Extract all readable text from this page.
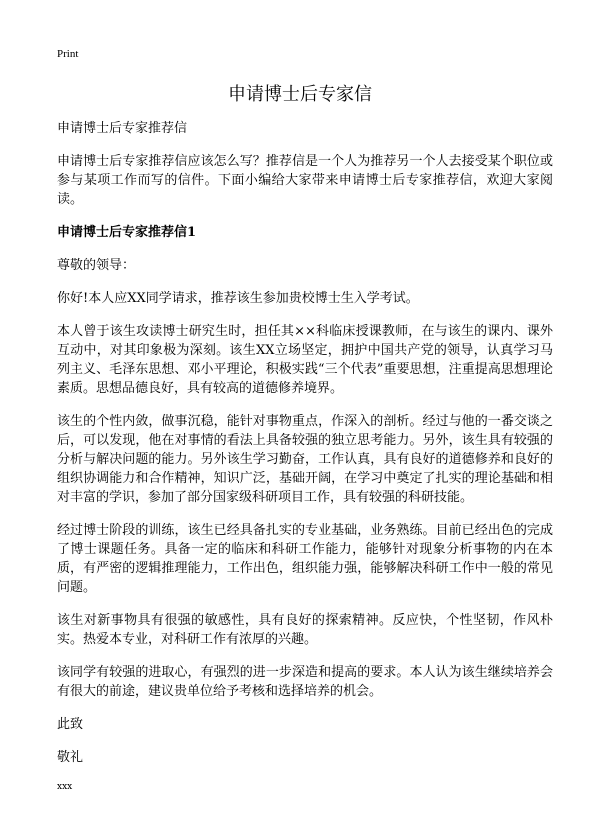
Print
申请博士后专家信

申请博士后专家推荐信

申请博士后专家推荐信应该怎么写？推荐信是一个人为推荐另一个人去接受某个职位或参与某项工作而写的信件。下面小编给大家带来申请博士后专家推荐信，欢迎大家阅读。

申请博士后专家推荐信1

尊敬的领导：

你好!本人应XX同学请求，推荐该生参加贵校博士生入学考试。

本人曾于该生攻读博士研究生时，担任其××科临床授课教师，在与该生的课内、课外互动中，对其印象极为深刻。该生XX立场坚定，拥护中国共产党的领导，认真学习马列主义、毛泽东思想、邓小平理论，积极实践“三个代表”重要思想，注重提高思想理论素质。思想品德良好，具有较高的道德修养境界。

该生的个性内敛，做事沉稳，能针对事物重点，作深入的剖析。经过与他的一番交谈之后，可以发现，他在对事情的看法上具备较强的独立思考能力。另外，该生具有较强的分析与解决问题的能力。另外该生学习勤奋，工作认真，具有良好的道德修养和良好的组织协调能力和合作精神，知识广泛，基础开阔，在学习中奠定了扎实的理论基础和相对丰富的学识，参加了部分国家级科研项目工作，具有较强的科研技能。

经过博士阶段的训练，该生已经具备扎实的专业基础，业务熟练。目前已经出色的完成了博士课题任务。具备一定的临床和科研工作能力，能够针对现象分析事物的内在本质，有严密的逻辑推理能力，工作出色，组织能力强，能够解决科研工作中一般的常见问题。

该生对新事物具有很强的敏感性，具有良好的探索精神。反应快，个性坚韧，作风朴实。热爱本专业，对科研工作有浓厚的兴趣。

该同学有较强的进取心，有强烈的进一步深造和提高的要求。本人认为该生继续培养会有很大的前途，建议贵单位给予考核和选择培养的机会。

此致

敬礼

xxx
